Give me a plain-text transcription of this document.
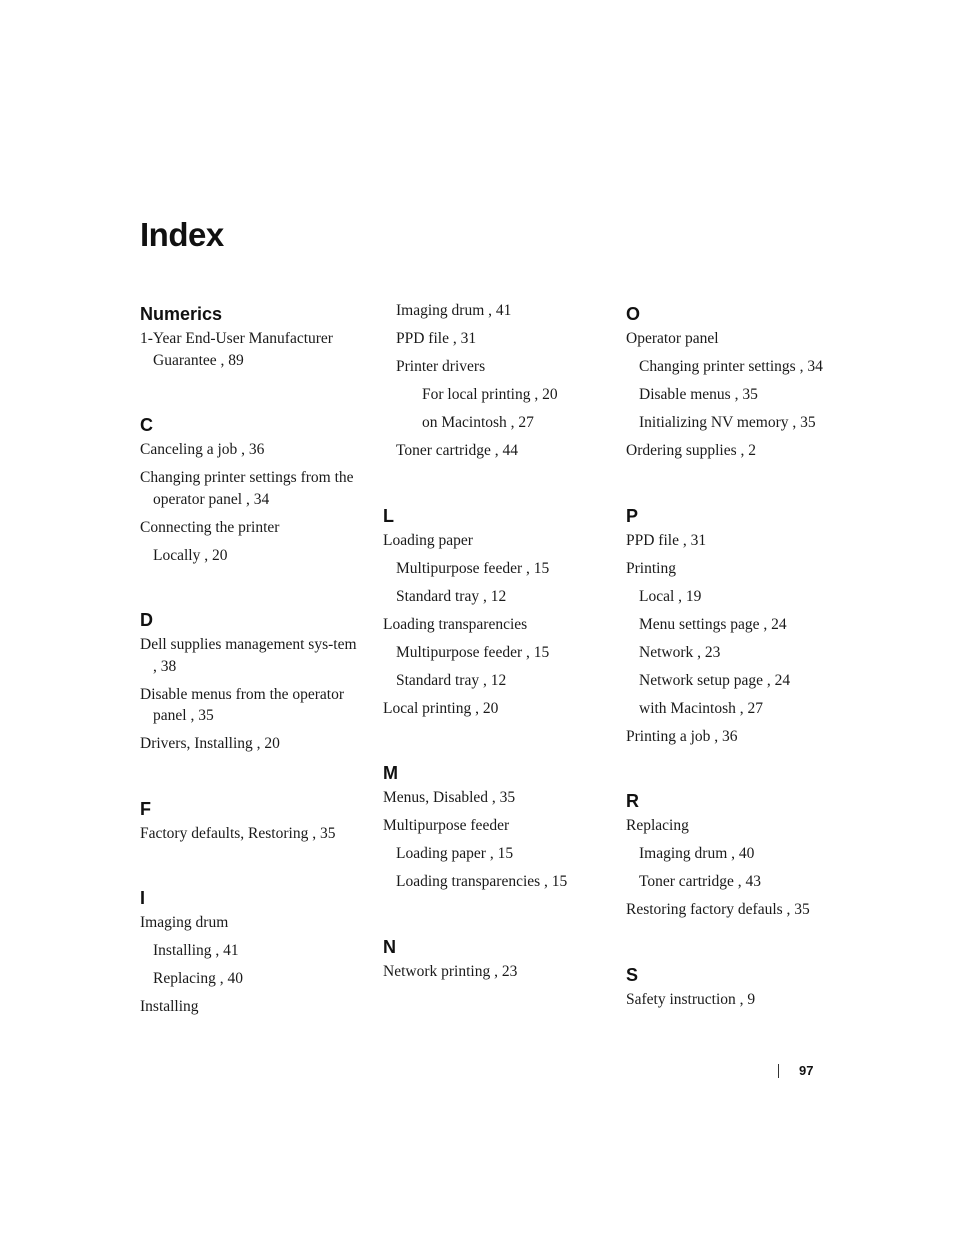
Index
Numerics
1-Year End-User Manufacturer Guarantee , 89
C
Canceling a job , 36
Changing printer settings from the operator panel , 34
Connecting the printer
Locally , 20
D
Dell supplies management sys-tem , 38
Disable menus from the operator panel , 35
Drivers, Installing , 20
F
Factory defaults, Restoring , 35
I
Imaging drum
Installing , 41
Replacing , 40
Installing
Imaging drum , 41
PPD file , 31
Printer drivers
For local printing , 20
on Macintosh , 27
Toner cartridge , 44
L
Loading paper
Multipurpose feeder , 15
Standard tray , 12
Loading transparencies
Multipurpose feeder , 15
Standard tray , 12
Local printing , 20
M
Menus, Disabled , 35
Multipurpose feeder
Loading paper , 15
Loading transparencies , 15
N
Network printing , 23
O
Operator panel
Changing printer settings , 34
Disable menus , 35
Initializing NV memory , 35
Ordering supplies , 2
P
PPD file , 31
Printing
Local , 19
Menu settings page , 24
Network , 23
Network setup page , 24
with Macintosh , 27
Printing a job , 36
R
Replacing
Imaging drum , 40
Toner cartridge , 43
Restoring factory defauls , 35
S
Safety instruction , 9
97
